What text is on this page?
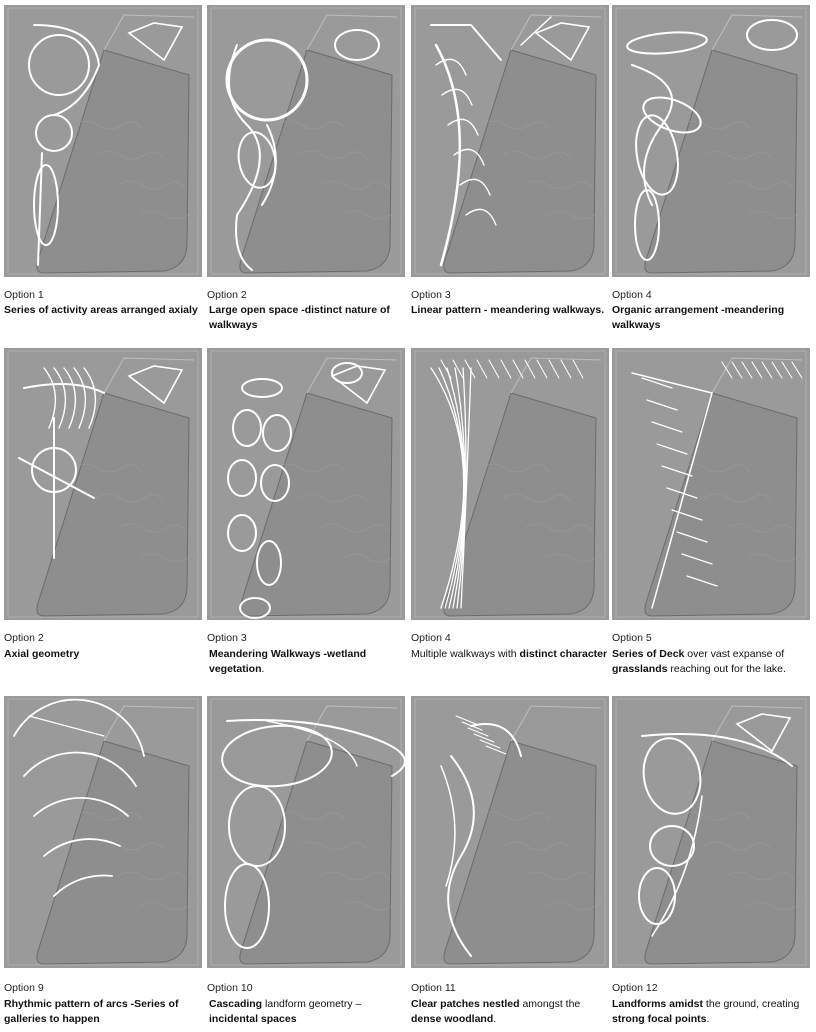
Option 1
Series of activity areas arranged axialy
Option 2
Large open space -distinct nature of walkways
Option 3
Linear pattern - meandering walkways.
Option 4
Organic arrangement -meandering walkways
Option 2
Axial geometry
Option 3
Meandering Walkways -wetland vegetation.
Option 4
Multiple walkways with distinct character
Option 5
Series of Deck over vast expanse of grasslands reaching out for the lake.
Option 9
Rhythmic pattern of arcs -Series of galleries to happen
Option 10
Cascading landform geometry – incidental spaces
Option 11
Clear patches nestled amongst the dense woodland.
Option 12
Landforms amidst the ground, creating strong focal points.
